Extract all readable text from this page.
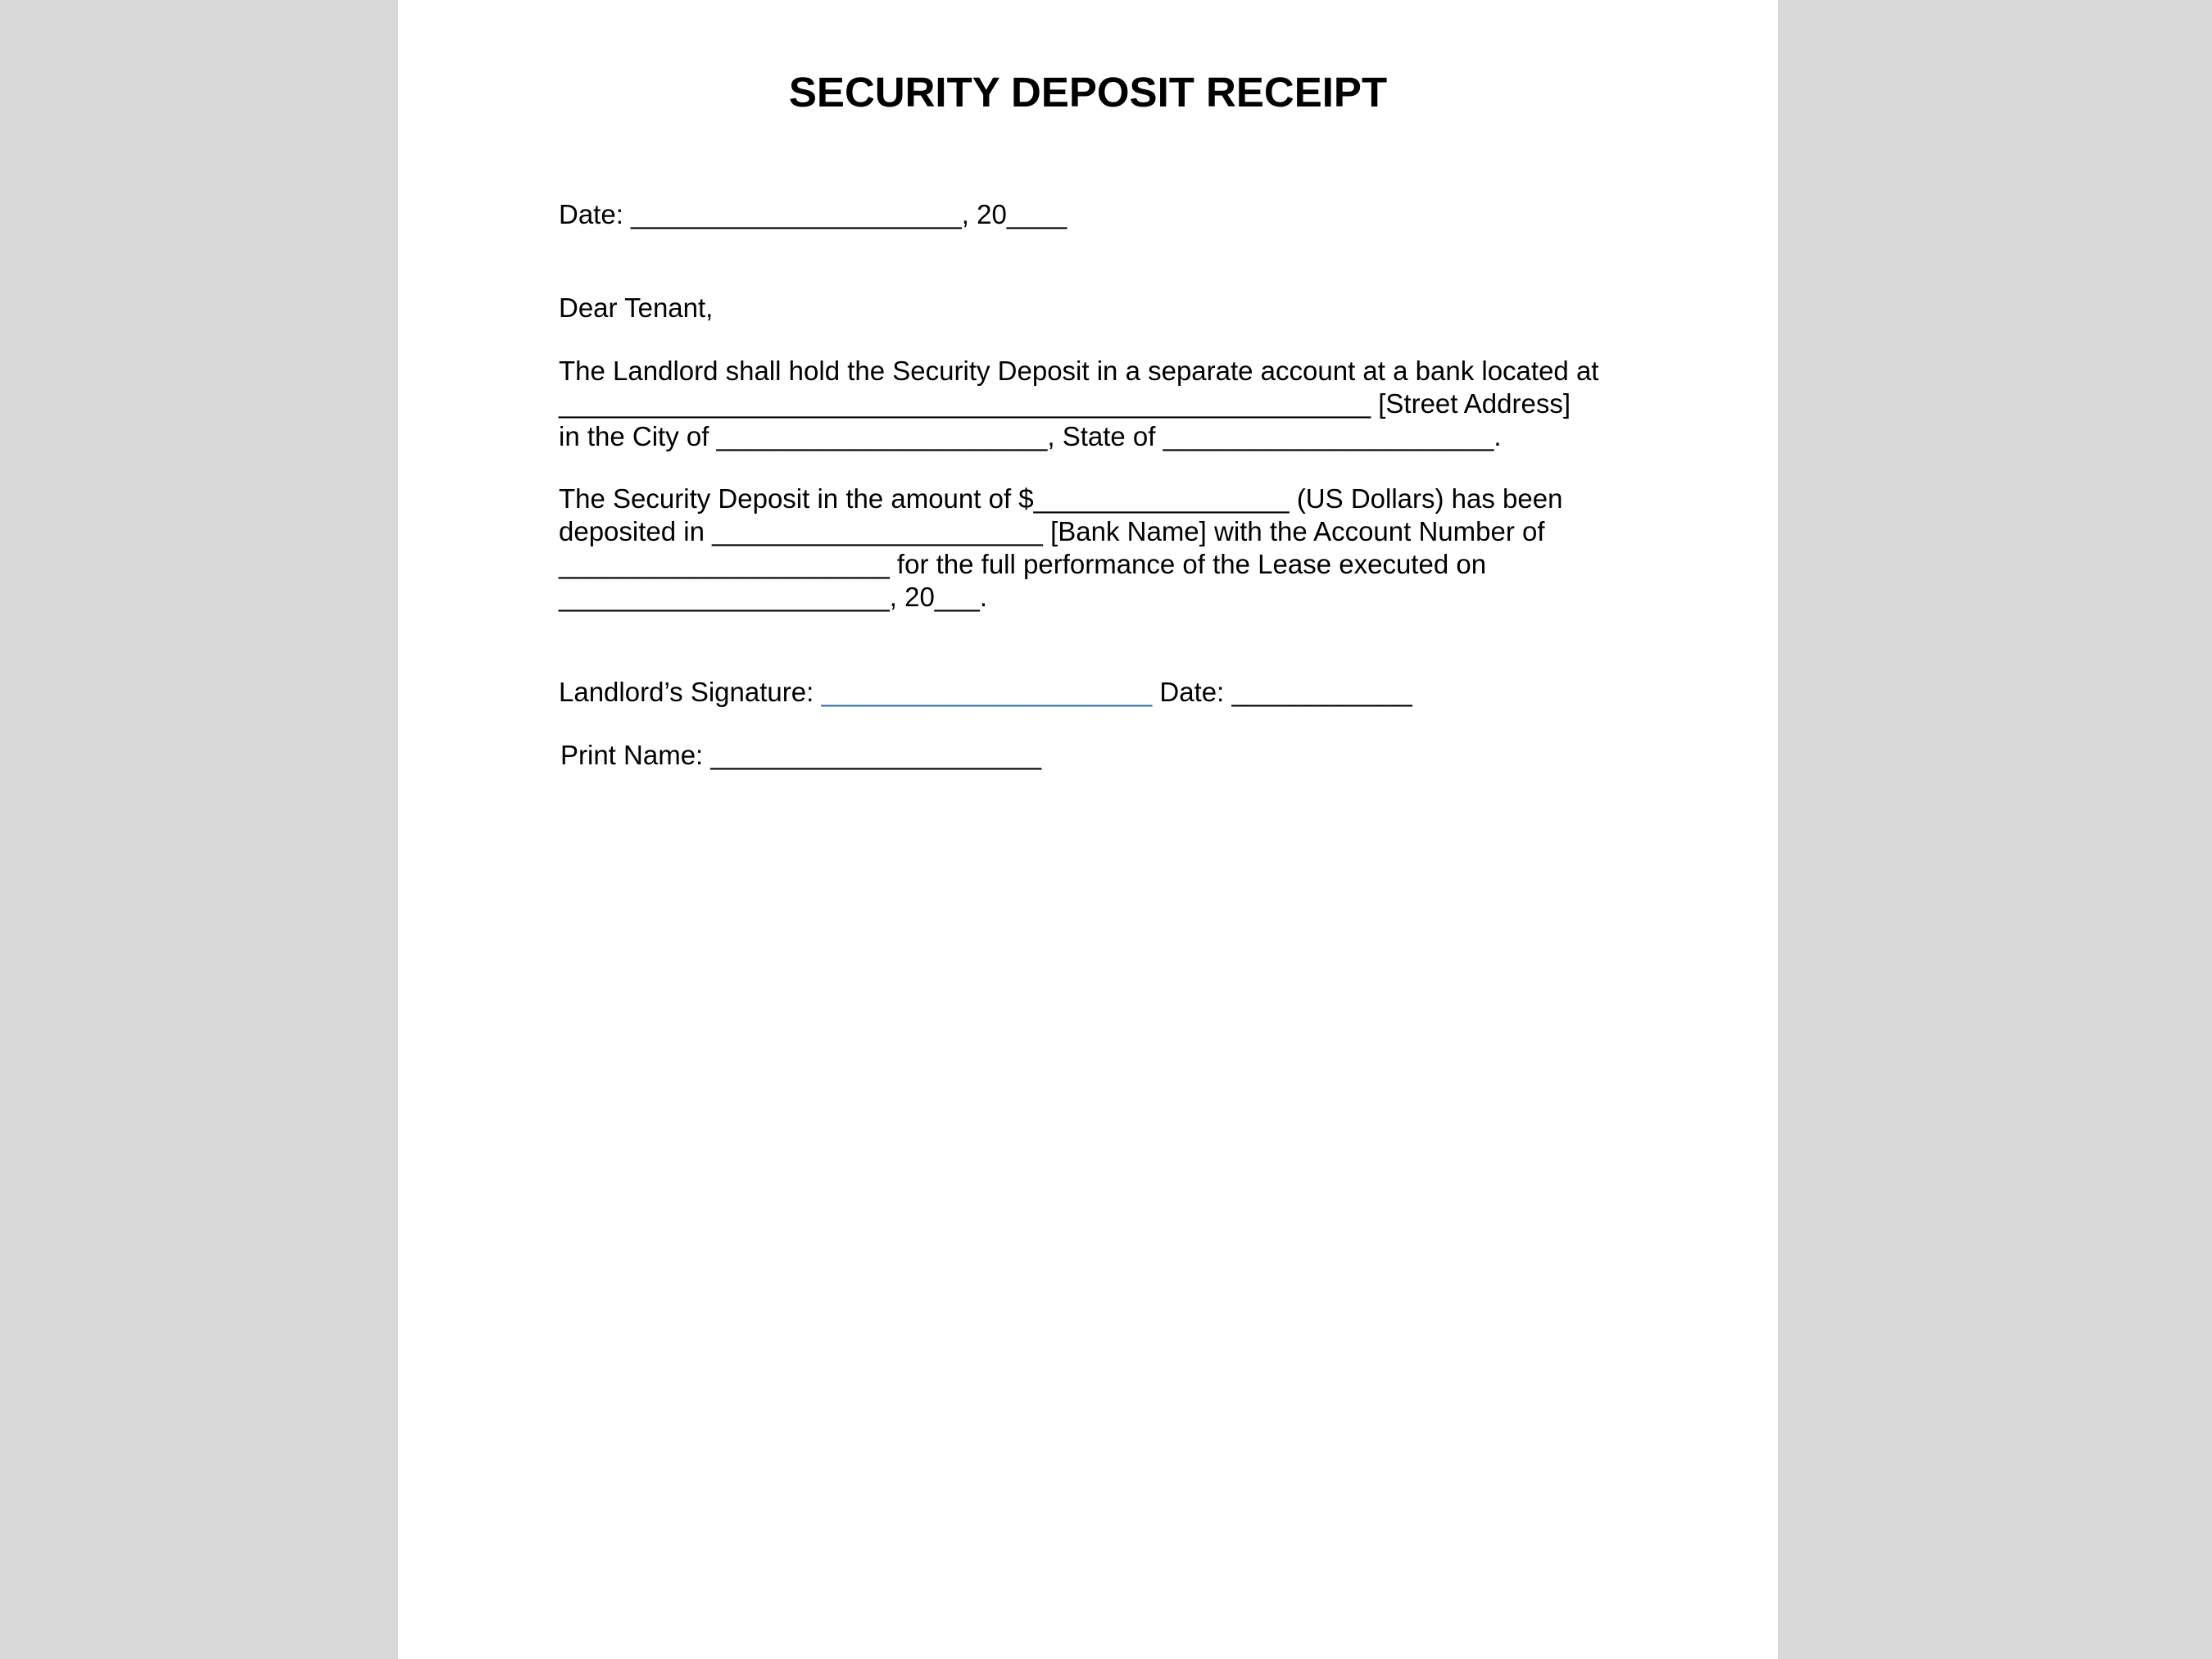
SECURITY DEPOSIT RECEIPT
Date: ______________________, 20____
Dear Tenant,
The Landlord shall hold the Security Deposit in a separate account at a bank located at
______________________________________________________ [Street Address]
in the City of ______________________, State of ______________________.
The Security Deposit in the amount of $_________________ (US Dollars) has been
deposited in ______________________ [Bank Name] with the Account Number of
______________________ for the full performance of the Lease executed on
______________________, 20___.
Landlord’s Signature: ______________________ Date: ____________
Print Name: ______________________
